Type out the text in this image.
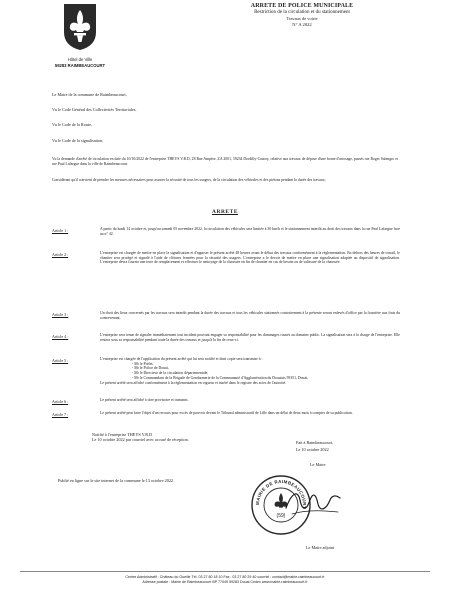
Hôtel de Ville
59283 RAIMBEAUCOURT
ARRETE DE POLICE MUNICIPALE
Restriction de la circulation et du stationnement
Travaux de voirie
N° A 2022
Le Maire de la commune de Raimbeaucourt,
Vu le Code Général des Collectivités Territoriales,
Vu le Code de la Route,
Vu le Code de la signalisation,
Vu la demande d'arrêté de circulation en date du 10/10/2022 de l'entreprise THEYS V.R.D, 28 Rue Ampère, ZA 2001, 59234 Dordilly-Cauroy, relative aux travaux de dépose d'une borne d'arrosage, passés rue Roger Salengro et rue Paul Lafargue dans la ville de Raimbeaucourt.
Considérant qu'il convient de prendre les mesures nécessaires pour assurer la sécurité de tous les usagers, de la circulation des véhicules et des piétons pendant la durée des travaux,
ARRETE
Article 1 :	A partir du lundi 14 octobre et, jusqu'au samedi 05 novembre 2022, la circulation des véhicules sera limitée à 30 km/h et le stationnement interdit au droit des travaux dans la rue Paul Lafargue face au n° 42.
Article 2 :	L'entreprise est chargée de mettre en place la signalisation et d'apposer le présent arrêté 48 heures avant le début des travaux conformément à la réglementation. En dehors des heures de travail, le chantier sera protégé et signalé à l'aide de clôtures fermées pour la sécurité des usagers. L'entreprise a le devoir de mettre en place une signalisation adaptée au dispositif de signalisation. L'entreprise devra fournir une terre de remplacement et effectuer le nettoyage de la chaussée en fin de chantier en cas de besoin ou de salissure de la chaussée.
Article 3 :	Un droit des lieux concernés par les travaux sera interdit pendant la durée des travaux et tous les véhicules stationnés contrairement à la présente seront enlevés d'office par la fourrière aux frais du contrevenant.
Article 4 :	L'entreprise sera tenue de signaler immédiatement tout incident pouvant engager sa responsabilité pour les dommages causés au domaine public. La signalisation sera à la charge de l'entreprise. Elle restera sous sa responsabilité pendant toute la durée des travaux et jusqu'à la fin de ceux-ci.
Article 5 :	L'entreprise est chargée de l'application du présent arrêté qui lui sera notifié et dont copie sera transmise à :
- Mr le Préfet,
- Mr le Police de Douai,
- Mr le Directeur de la circulation départementale,
- Mr le Commandant de la Brigade de Gendarmerie de la Communauté d'Agglomération du Douaisis 59351, Douai,
Le présent arrêté sera affiché conformément à la réglementation en vigueur et inséré dans le registre des actes de l'autorité.
Article 6 :	Le présent arrêté sera affiché à titre provisoire et transmis.
Article 7 :	Le présent arrêté peut faire l'objet d'un recours pour excès de pouvoir devant le Tribunal administratif de Lille dans un délai de deux mois à compter de sa publication.
Fait à Raimbeaucourt,
Le 10 octobre 2022
Le Maire
MAIRIE DE RAIMBEAUCOURT
(59)
Le Maire adjoint
Notifié à l'entreprise THEYS V.R.D
Le 10 octobre 2022 par courriel avec accusé de réception.
Publié en ligne sur le site internet de la commune le 13 octobre 2022.
Centre Administratif : Château du Gueille Tél. 03 27 80 18 10 Fax : 03 27 80 29 40 courriel : contact@mairie-raimbeaucourt.fr
Adresse postale : Mairie de Raimbeaucourt BP 77049 59283 Douai Cedex www.mairie-raimbeaucourt.fr
